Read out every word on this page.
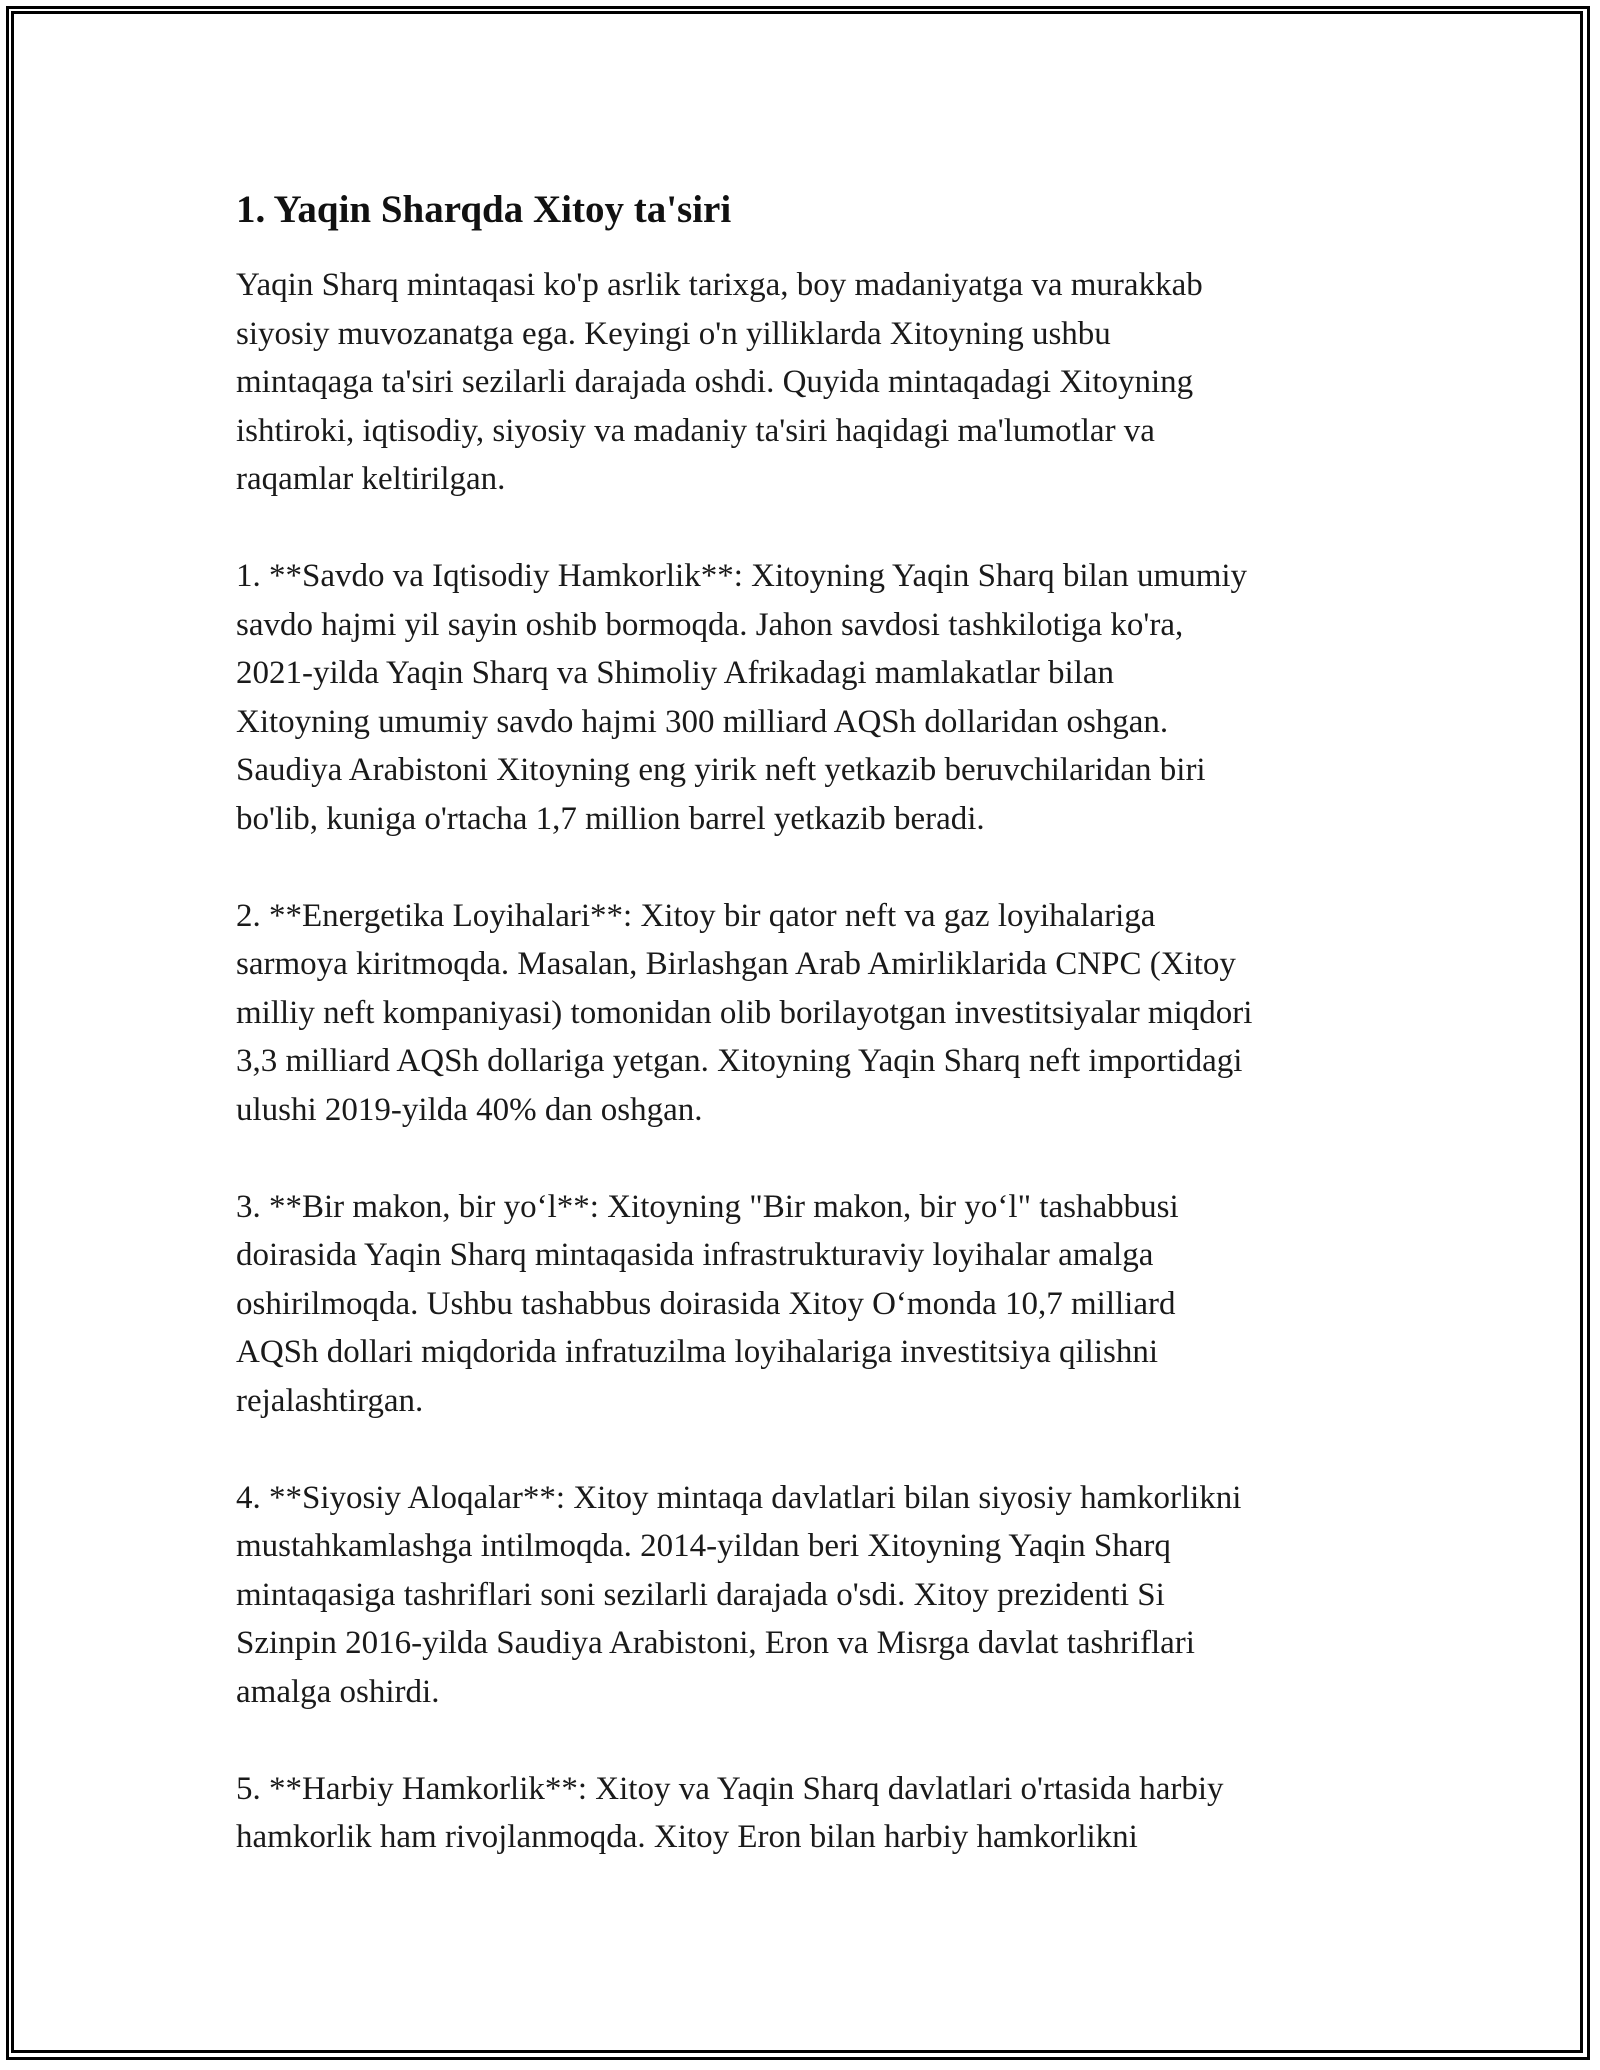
1. Yaqin Sharqda Xitoy ta'siri
Yaqin Sharq mintaqasi ko'p asrlik tarixga, boy madaniyatga va murakkab
siyosiy muvozanatga ega. Keyingi o'n yilliklarda Xitoyning ushbu
mintaqaga ta'siri sezilarli darajada oshdi. Quyida mintaqadagi Xitoyning
ishtiroki, iqtisodiy, siyosiy va madaniy ta'siri haqidagi ma'lumotlar va
raqamlar keltirilgan.
1. **Savdo va Iqtisodiy Hamkorlik**: Xitoyning Yaqin Sharq bilan umumiy
savdo hajmi yil sayin oshib bormoqda. Jahon savdosi tashkilotiga ko'ra,
2021-yilda Yaqin Sharq va Shimoliy Afrikadagi mamlakatlar bilan
Xitoyning umumiy savdo hajmi 300 milliard AQSh dollaridan oshgan.
Saudiya Arabistoni Xitoyning eng yirik neft yetkazib beruvchilaridan biri
bo'lib, kuniga o'rtacha 1,7 million barrel yetkazib beradi.
2. **Energetika Loyihalari**: Xitoy bir qator neft va gaz loyihalariga
sarmoya kiritmoqda. Masalan, Birlashgan Arab Amirliklarida CNPC (Xitoy
milliy neft kompaniyasi) tomonidan olib borilayotgan investitsiyalar miqdori
3,3 milliard AQSh dollariga yetgan. Xitoyning Yaqin Sharq neft importidagi
ulushi 2019-yilda 40% dan oshgan.
3. **Bir makon, bir yo‘l**: Xitoyning "Bir makon, bir yo‘l" tashabbusi
doirasida Yaqin Sharq mintaqasida infrastrukturaviy loyihalar amalga
oshirilmoqda. Ushbu tashabbus doirasida Xitoy O‘monda 10,7 milliard
AQSh dollari miqdorida infratuzilma loyihalariga investitsiya qilishni
rejalashtirgan.
4. **Siyosiy Aloqalar**: Xitoy mintaqa davlatlari bilan siyosiy hamkorlikni
mustahkamlashga intilmoqda. 2014-yildan beri Xitoyning Yaqin Sharq
mintaqasiga tashriflari soni sezilarli darajada o'sdi. Xitoy prezidenti Si
Szinpin 2016-yilda Saudiya Arabistoni, Eron va Misrga davlat tashriflari
amalga oshirdi.
5. **Harbiy Hamkorlik**: Xitoy va Yaqin Sharq davlatlari o'rtasida harbiy
hamkorlik ham rivojlanmoqda. Xitoy Eron bilan harbiy hamkorlikni
